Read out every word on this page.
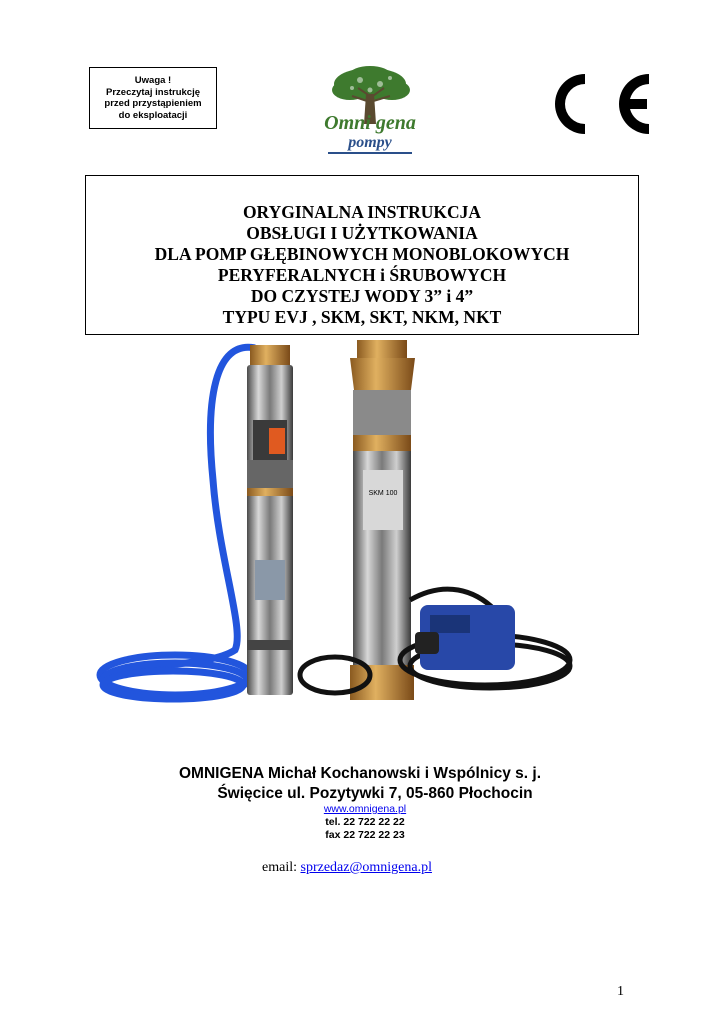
Uwaga !
Przeczytaj instrukcję
przed przystąpieniem
do eksploatacji	Omni gena
pompy
ORYGINALNA INSTRUKCJA
OBSŁUGI I UŻYTKOWANIA
DLA POMP GŁĘBINOWYCH MONOBLOKOWYCH
PERYFERALNYCH i ŚRUBOWYCH
DO CZYSTEJ WODY 3” i 4”
TYPU EVJ , SKM, SKT, NKM, NKT
SKM 100
OMNIGENA Michał Kochanowski i Wspólnicy s. j.
Święcice ul. Pozytywki 7, 05-860 Płochocin
www.omnigena.pl
tel. 22 722 22 22
fax 22 722 22 23
email: sprzedaz@omnigena.pl
1
